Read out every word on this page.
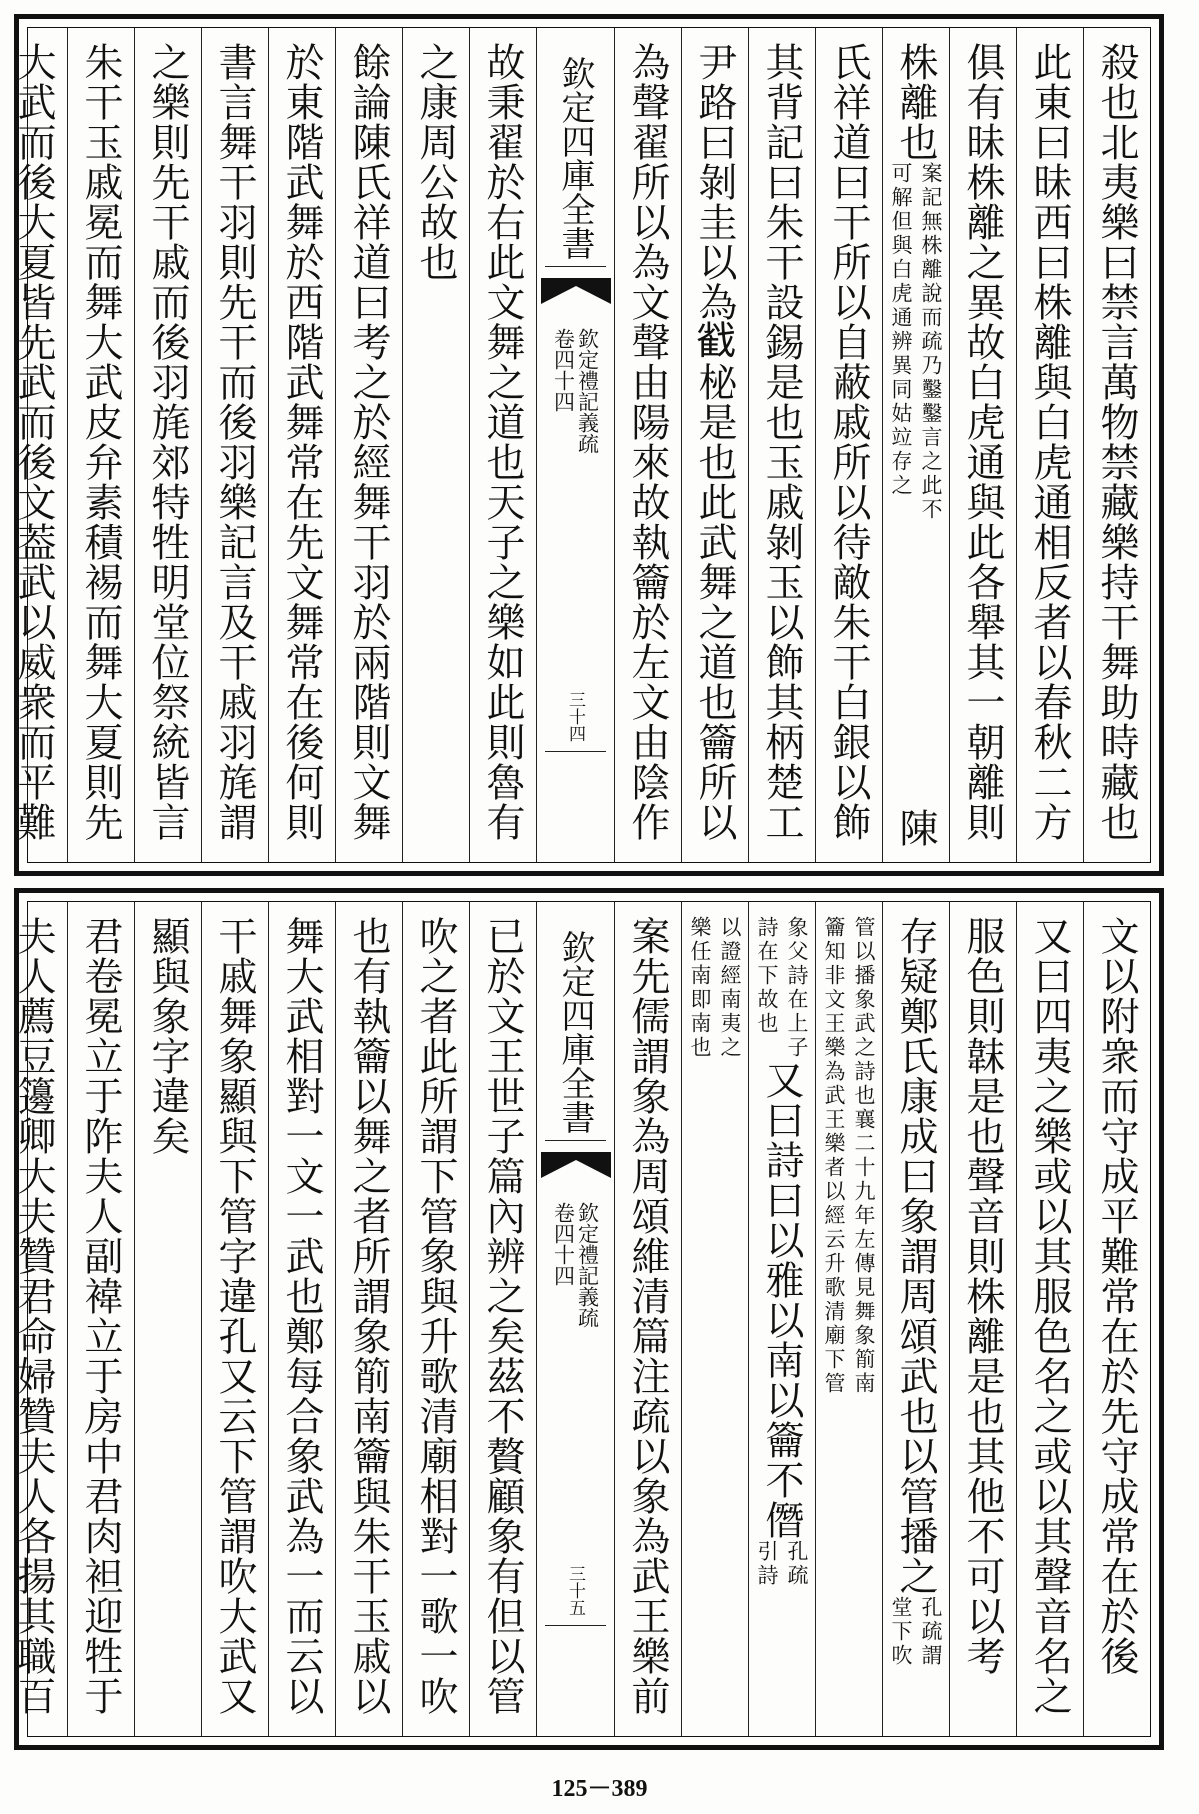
殺也北夷樂曰禁言萬物禁藏樂持干舞助時藏也
此東曰昧西曰株離與白虎通相反者以春秋二方
俱有昧株離之異故白虎通與此各舉其一朝離則
株離也
案記無株離說而疏乃鑿鑿言之此不
可解但與白虎通辨異同姑竝存之
陳
氏祥道曰干所以自蔽戚所以待敵朱干白銀以飾
其背記曰朱干設錫是也玉戚剝玉以飾其柄楚工
尹路曰剝圭以為𢧵柲是也此武舞之道也籥所以
為聲翟所以為文聲由陽來故執籥於左文由陰作
欽定四庫全書
欽定禮記義疏
卷四十四
三十四
故秉翟於右此文舞之道也天子之樂如此則魯有
之康周公故也
餘論陳氏祥道曰考之於經舞干羽於兩階則文舞
於東階武舞於西階武舞常在先文舞常在後何則
書言舞干羽則先干而後羽樂記言及干戚羽旄謂
之樂則先干戚而後羽旄郊特牲明堂位祭統皆言
朱干玉戚冕而舞大武皮弁素積裼而舞大夏則先
大武而後大夏皆先武而後文葢武以威衆而平難
文以附衆而守成平難常在於先守成常在於後
又曰四夷之樂或以其服色名之或以其聲音名之
服色則韎是也聲音則株離是也其他不可以考
存疑鄭氏康成曰象謂周頌武也以管播之
孔疏謂
堂下吹
管以播象武之詩也襄二十九年左傳見舞象箾南
籥知非文王樂為武王樂者以經云升歌清廟下管
象父詩在上子
詩在下故也
又曰詩曰以雅以南以籥不僭
孔疏
引詩
以證經南夷之
樂任南即南也
案先儒謂象為周頌維清篇注疏以象為武王樂前
欽定四庫全書
欽定禮記義疏
卷四十四
三十五
已於文王世子篇內辨之矣茲不贅顧象有但以管
吹之者此所謂下管象與升歌清廟相對一歌一吹
也有執籥以舞之者所謂象箾南籥與朱干玉戚以
舞大武相對一文一武也鄭每合象武為一而云以
干戚舞象顯與下管字違孔又云下管謂吹大武又
顯與象字違矣
君卷冕立于阼夫人副褘立于房中君肉袒迎牲于
夫人薦豆籩卿大夫贊君命婦贊夫人各揚其職百
125－389
